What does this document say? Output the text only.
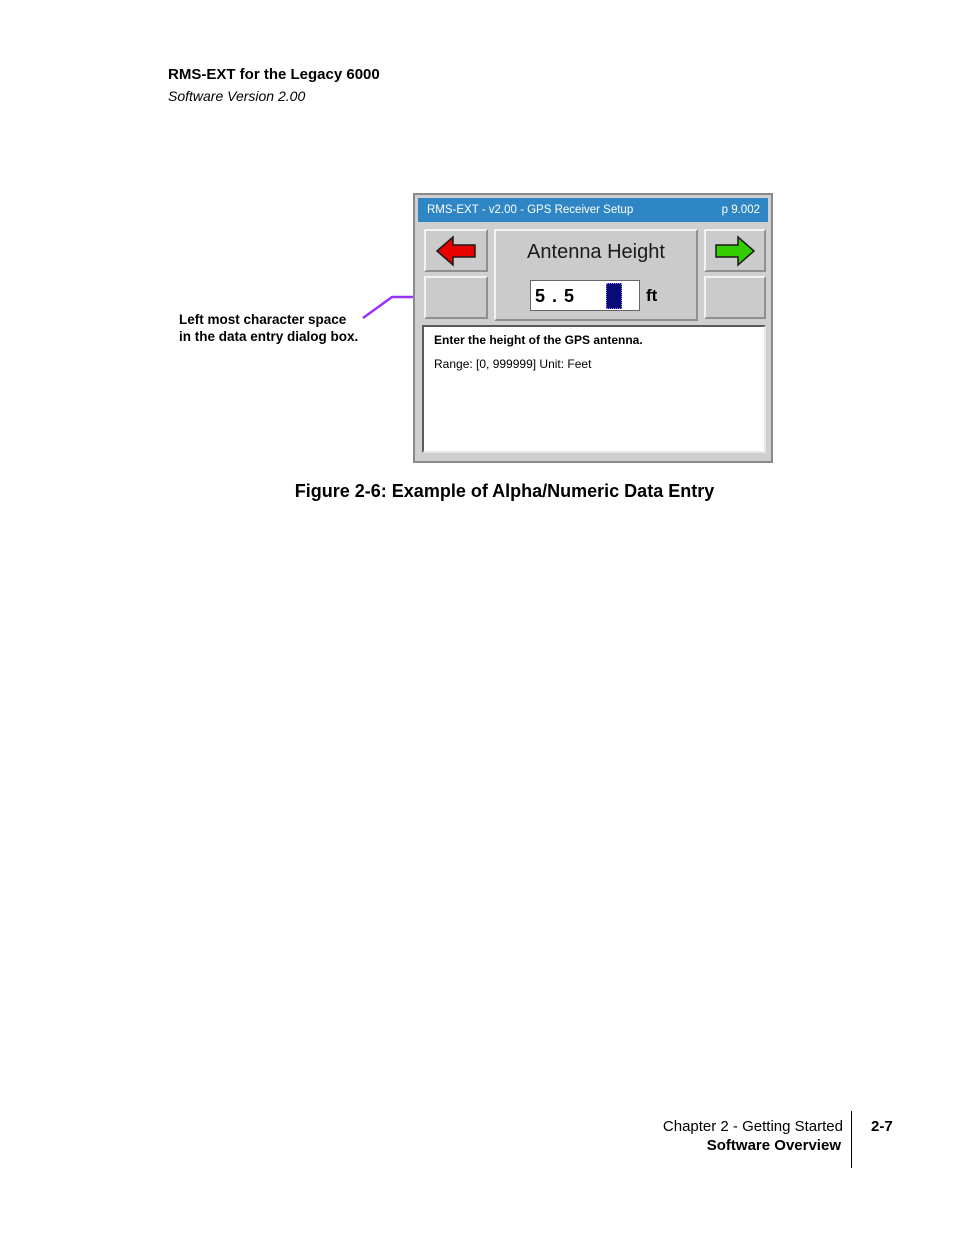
RMS-EXT for the Legacy 6000
Software Version 2.00
Left most character space
in the data entry dialog box.
RMS-EXT - v2.00 - GPS Receiver Setup	p 9.002
Antenna Height
5 . 5	ft
Enter the height of the GPS antenna.
Range: [0, 999999] Unit: Feet
Figure 2-6: Example of Alpha/Numeric Data Entry
Chapter 2 - Getting Started
Software Overview
2-7
